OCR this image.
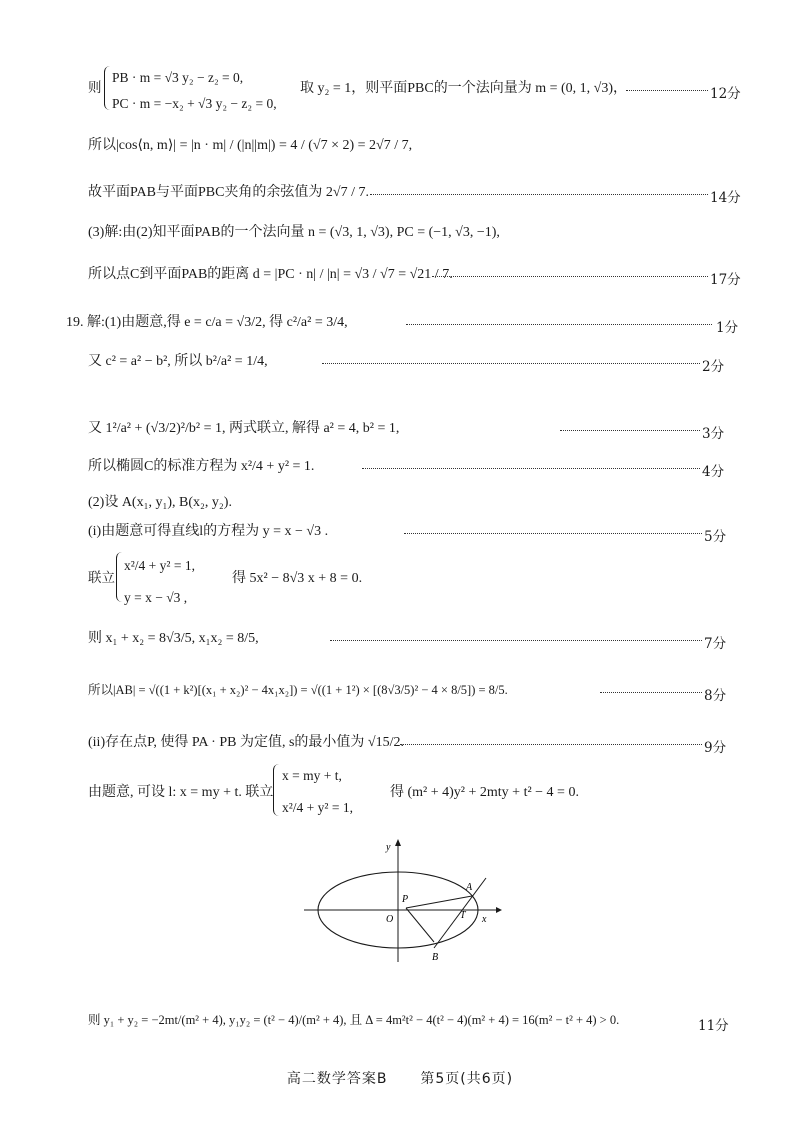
则
PB · m = √3 y₂ − z₂ = 0,
PC · m = −x₂ + √3 y₂ − z₂ = 0,
取 y₂ = 1，则平面PBC的一个法向量为 m = (0, 1, √3)，	12分
所以|cos⟨n, m⟩| = |n · m| / (|n||m|) = 4 / (√7 × 2) = 2√7 / 7,
故平面PAB与平面PBC夹角的余弦值为 2√7 / 7.	14分
(3)解:由(2)知平面PAB的一个法向量 n = (√3, 1, √3), PC = (−1, √3, −1),
所以点C到平面PAB的距离 d = |PC · n| / |n| = √3 / √7 = √21 / 7.	17分
19. 解:(1)由题意,得 e = c/a = √3/2, 得 c²/a² = 3/4,	1分
又 c² = a² − b², 所以 b²/a² = 1/4,	2分
又 1²/a² + (√3/2)²/b² = 1, 两式联立, 解得 a² = 4, b² = 1,	3分
所以椭圆C的标准方程为 x²/4 + y² = 1.	4分
(2)设 A(x₁, y₁), B(x₂, y₂).
(i)由题意可得直线l的方程为 y = x − √3 .	5分
联立
x²/4 + y² = 1,
y = x − √3 ,
得 5x² − 8√3 x + 8 = 0.
则 x₁ + x₂ = 8√3/5, x₁x₂ = 8/5,	7分
所以|AB| = √((1 + k²)[(x₁ + x₂)² − 4x₁x₂]) = √((1 + 1²) × [(8√3/5)² − 4 × 8/5]) = 8/5.	8分
(ii)存在点P, 使得 PA · PB 为定值, s的最小值为 √15/2.	9分
由题意, 可设 l: x = my + t. 联立
x = my + t,
x²/4 + y² = 1,
得 (m² + 4)y² + 2mty + t² − 4 = 0.
y
x
O
P
A
T
B
则 y₁ + y₂ = −2mt/(m² + 4), y₁y₂ = (t² − 4)/(m² + 4), 且 Δ = 4m²t² − 4(t² − 4)(m² + 4) = 16(m² − t² + 4) > 0.	11分
高二数学答案B 第5页(共6页)
